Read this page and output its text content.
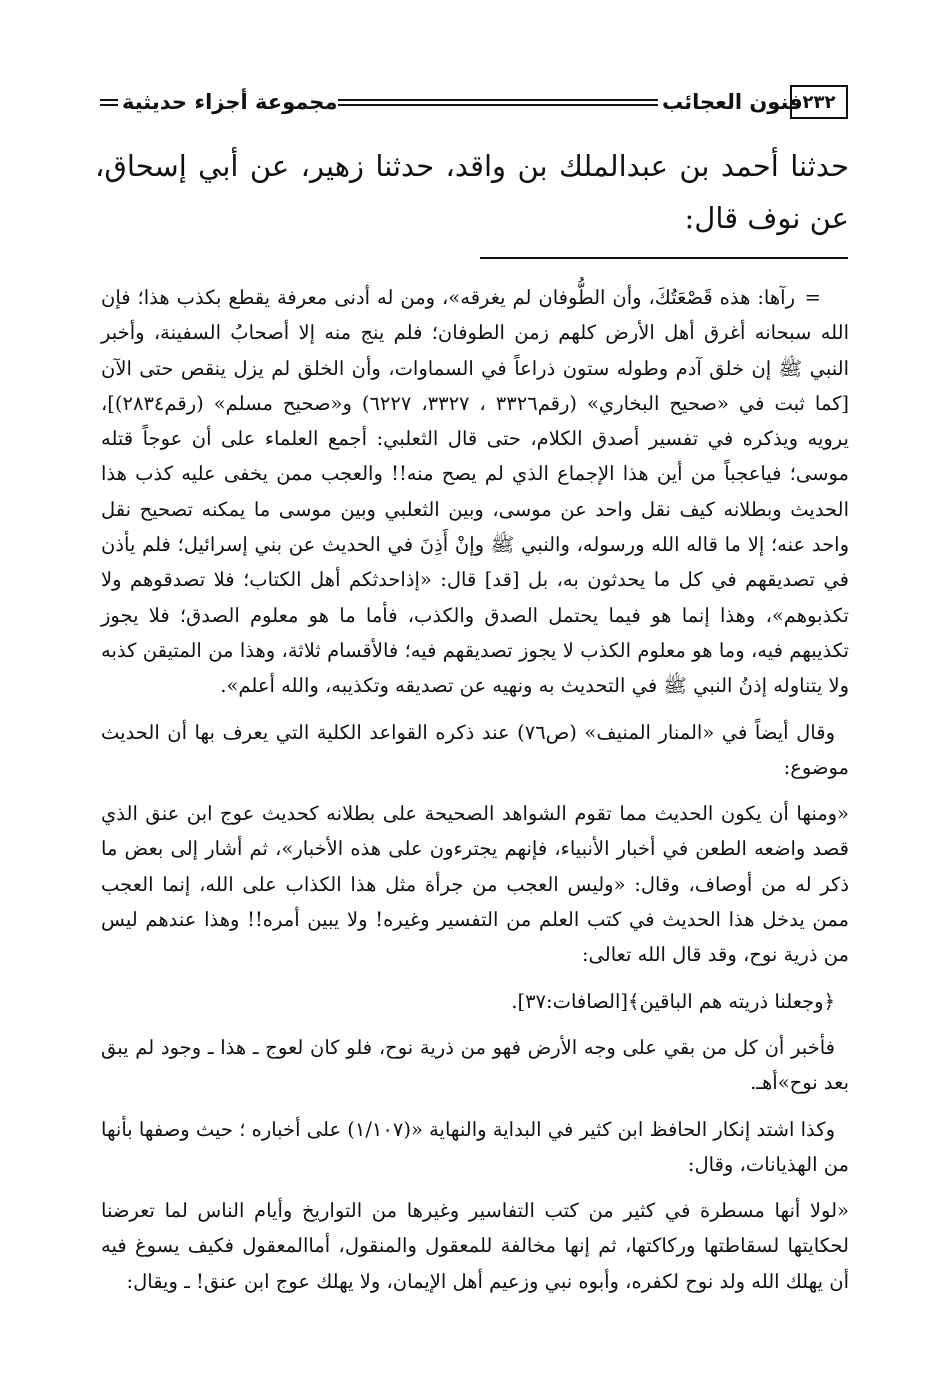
مجموعة أجزاء حديثية	فنون العجائب ٢٣٢
حدثنا أحمد بن عبدالملك بن واقد، حدثنا زهير، عن أبي إسحاق، عن نوف قال:

=رآها: هذه قَصْعَتُكَ، وأن الطُّوفان لم يغرقه»، ومن له أدنى معرفة يقطع بكذب هذا؛ فإن الله سبحانه أغرق أهل الأرض كلهم زمن الطوفان؛ فلم ينج منه إلا أصحابُ السفينة، وأخبر النبي ﷺ إن خلق آدم وطوله ستون ذراعاً في السماوات، وأن الخلق لم يزل ينقص حتى الآن [كما ثبت في «صحيح البخاري» (رقم٣٣٢٦ ، ٣٣٢٧، ٦٢٢٧) و«صحيح مسلم» (رقم٢٨٣٤)]، يرويه ويذكره في تفسير أصدق الكلام، حتى قال الثعلبي: أجمع العلماء على أن عوجاً قتله موسى؛ فياعجباً من أين هذا الإجماع الذي لم يصح منه!! والعجب ممن يخفى عليه كذب هذا الحديث وبطلانه كيف نقل واحد عن موسى، وبين الثعلبي وبين موسى ما يمكنه تصحيح نقل واحد عنه؛ إلا ما قاله الله ورسوله، والنبي ﷺ وإنْ أَذِنَ في الحديث عن بني إسرائيل؛ فلم يأذن في تصديقهم في كل ما يحدثون به، بل [قد] قال: «إذاحدثكم أهل الكتاب؛ فلا تصدقوهم ولا تكذبوهم»، وهذا إنما هو فيما يحتمل الصدق والكذب، فأما ما هو معلوم الصدق؛ فلا يجوز تكذيبهم فيه، وما هو معلوم الكذب لا يجوز تصديقهم فيه؛ فالأقسام ثلاثة، وهذا من المتيقن كذبه ولا يتناوله إذنُ النبي ﷺ في التحديث به ونهيه عن تصديقه وتكذيبه، والله أعلم».

وقال أيضاً في «المنار المنيف» (ص٧٦) عند ذكره القواعد الكلية التي يعرف بها أن الحديث موضوع:

«ومنها أن يكون الحديث مما تقوم الشواهد الصحيحة على بطلانه كحديث عوج ابن عنق الذي قصد واضعه الطعن في أخبار الأنبياء، فإنهم يجترءون على هذه الأخبار»، ثم أشار إلى بعض ما ذكر له من أوصاف، وقال: «وليس العجب من جرأة مثل هذا الكذاب على الله، إنما العجب ممن يدخل هذا الحديث في كتب العلم من التفسير وغيره! ولا يبين أمره!! وهذا عندهم ليس من ذرية نوح، وقد قال الله تعالى:

﴿وجعلنا ذريته هم الباقين﴾[الصافات:٣٧].

فأخبر أن كل من بقي على وجه الأرض فهو من ذرية نوح، فلو كان لعوج ـ هذا ـ وجود لم يبق بعد نوح»أهـ.

وكذا اشتد إنكار الحافظ ابن كثير في البداية والنهاية «(١/١٠٧) على أخباره ؛ حيث وصفها بأنها من الهذيانات، وقال:

«لولا أنها مسطرة في كثير من كتب التفاسير وغيرها من التواريخ وأيام الناس لما تعرضنا لحكايتها لسقاطتها وركاكتها، ثم إنها مخالفة للمعقول والمنقول، أماالمعقول فكيف يسوغ فيه أن يهلك الله ولد نوح لكفره، وأبوه نبي وزعيم أهل الإيمان، ولا يهلك عوج ابن عنق! ـ ويقال:
